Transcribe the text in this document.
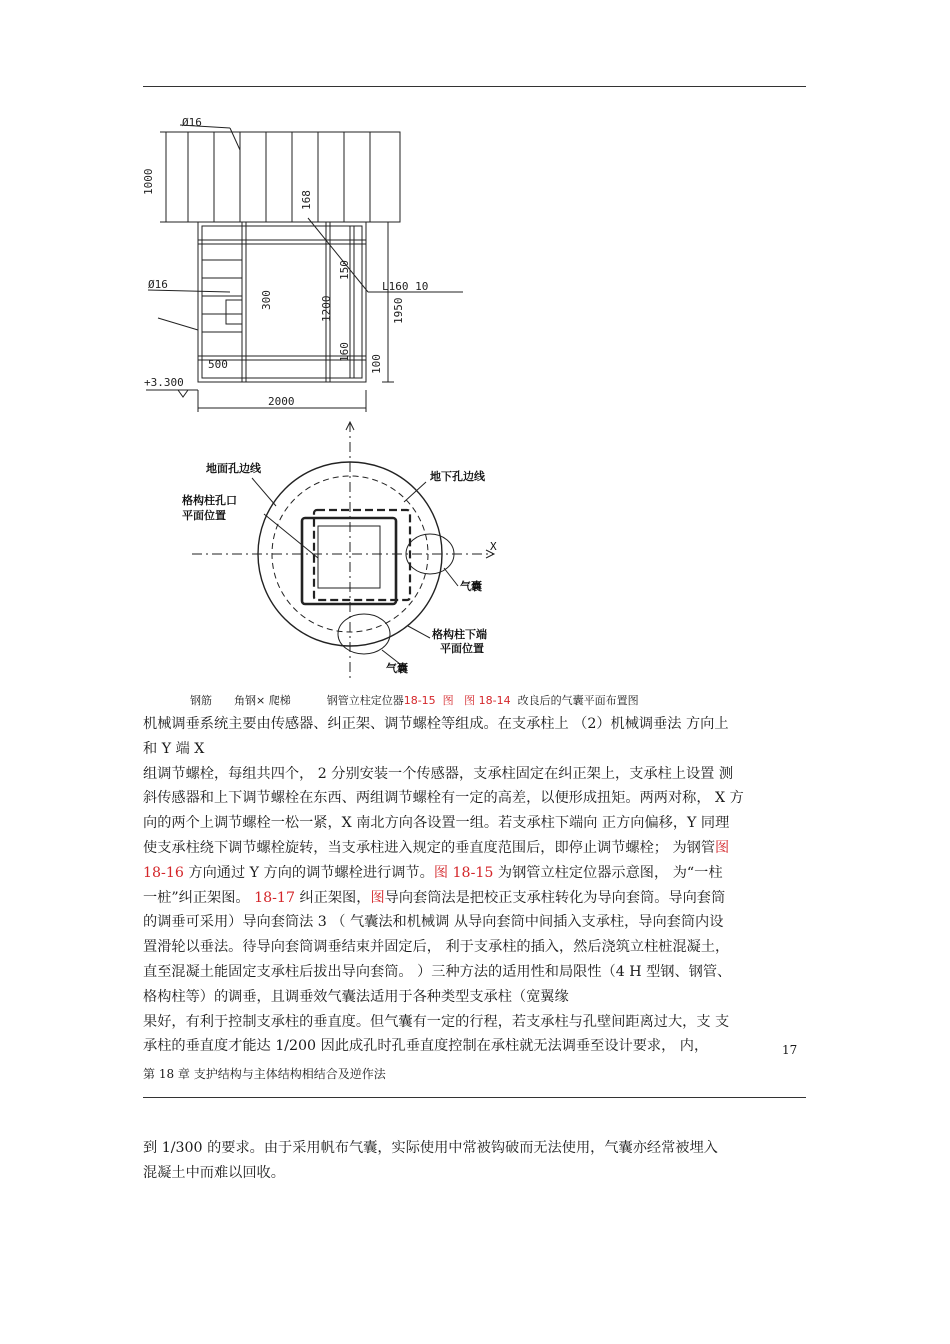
Ø16
1000
168
150
L160 10
Ø16
300	1200	1950
160
500	100
+3.300
2000
地面孔边线
地下孔边线
格构柱孔口
平面位置
X
气囊
格构柱下端
平面位置
气囊
钢筋 角钢× 爬梯	钢管立柱定位器18-15  图   图 18-14  改良后的气囊平面布置图
机械调垂系统主要由传感器、纠正架、调节螺栓等组成。在支承柱上 （2）机械调垂法 方向上
和 Y 端 X
组调节螺栓，每组共四个， 2 分别安装一个传感器，支承柱固定在纠正架上，支承柱上设置 测
斜传感器和上下调节螺栓在东西、两组调节螺栓有一定的高差，以便形成扭矩。两两对称， X 方
向的两个上调节螺栓一松一紧，X 南北方向各设置一组。若支承柱下端向 正方向偏移，Y 同理
使支承柱绕下调节螺栓旋转，当支承柱进入规定的垂直度范围后，即停止调节螺栓； 为钢管图
18-16 方向通过 Y 方向的调节螺栓进行调节。图 18-15 为钢管立柱定位器示意图， 为“一柱
一桩”纠正架图。 18-17 纠正架图，图导向套筒法是把校正支承柱转化为导向套筒。导向套筒
的调垂可采用）导向套筒法 3 （ 气囊法和机械调 从导向套筒中间插入支承柱，导向套筒内设
置滑轮以垂法。待导向套筒调垂结束并固定后， 利于支承柱的插入，然后浇筑立柱桩混凝土，
直至混凝土能固定支承柱后拔出导向套筒。 ）三种方法的适用性和局限性（4 H 型钢、钢管、
格构柱等）的调垂，且调垂效气囊法适用于各种类型支承柱（宽翼缘
果好，有利于控制支承柱的垂直度。但气囊有一定的行程，若支承柱与孔壁间距离过大，支 支
承柱的垂直度才能达 1/200 因此成孔时孔垂直度控制在承柱就无法调垂至设计要求， 内，	17
第 18 章 支护结构与主体结构相结合及逆作法
到 1/300 的要求。由于采用帆布气囊，实际使用中常被钩破而无法使用，气囊亦经常被埋入
混凝土中而难以回收。
